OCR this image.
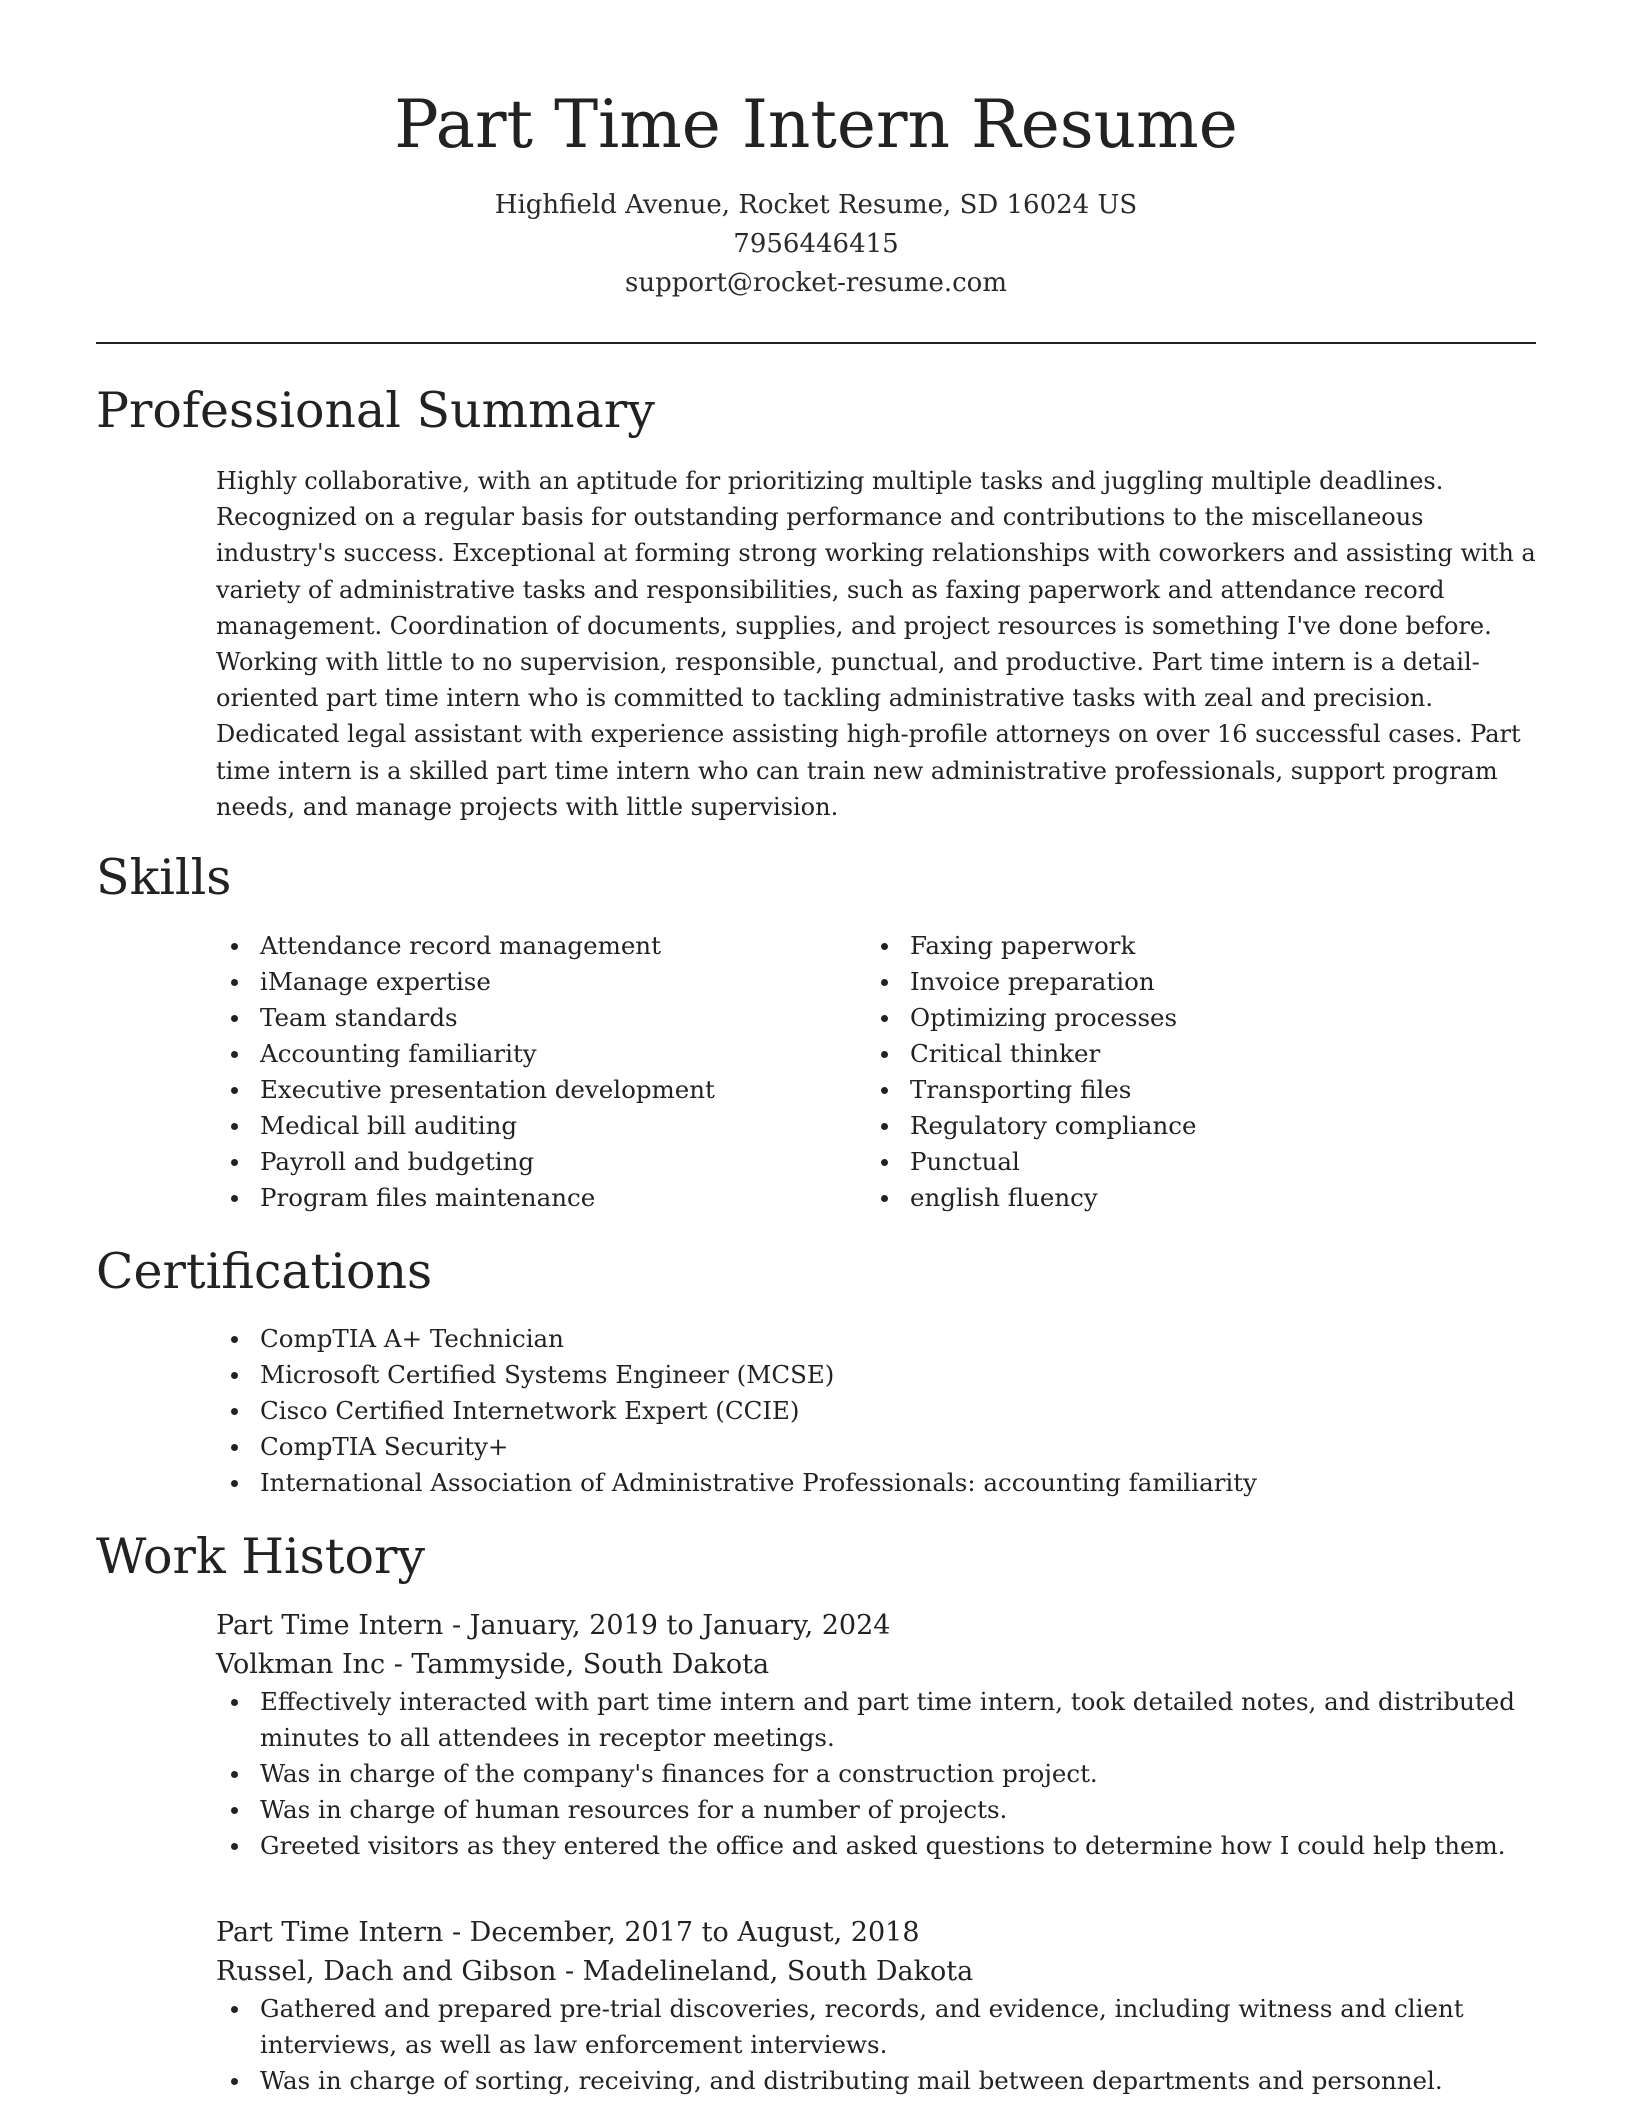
Part Time Intern Resume
Highfield Avenue, Rocket Resume, SD 16024 US
7956446415
support@rocket-resume.com
Professional Summary

Highly collaborative, with an aptitude for prioritizing multiple tasks and juggling multiple deadlines. Recognized on a regular basis for outstanding performance and contributions to the miscellaneous industry's success. Exceptional at forming strong working relationships with coworkers and assisting with a variety of administrative tasks and responsibilities, such as faxing paperwork and attendance record management. Coordination of documents, supplies, and project resources is something I've done before. Working with little to no supervision, responsible, punctual, and productive. Part time intern is a detail-oriented part time intern who is committed to tackling administrative tasks with zeal and precision. Dedicated legal assistant with experience assisting high-profile attorneys on over 16 successful cases. Part time intern is a skilled part time intern who can train new administrative professionals, support program needs, and manage projects with little supervision.

Skills
Attendance record management
iManage expertise
Team standards
Accounting familiarity
Executive presentation development
Medical bill auditing
Payroll and budgeting
Program files maintenance
Faxing paperwork
Invoice preparation
Optimizing processes
Critical thinker
Transporting files
Regulatory compliance
Punctual
english fluency
Certifications
CompTIA A+ Technician
Microsoft Certified Systems Engineer (MCSE)
Cisco Certified Internetwork Expert (CCIE)
CompTIA Security+
International Association of Administrative Professionals: accounting familiarity
Work History
Part Time Intern - January, 2019 to January, 2024
Volkman Inc - Tammyside, South Dakota
Effectively interacted with part time intern and part time intern, took detailed notes, and distributed minutes to all attendees in receptor meetings.
Was in charge of the company's finances for a construction project.
Was in charge of human resources for a number of projects.
Greeted visitors as they entered the office and asked questions to determine how I could help them.
Part Time Intern - December, 2017 to August, 2018
Russel, Dach and Gibson - Madelineland, South Dakota
Gathered and prepared pre-trial discoveries, records, and evidence, including witness and client interviews, as well as law enforcement interviews.
Was in charge of sorting, receiving, and distributing mail between departments and personnel.
